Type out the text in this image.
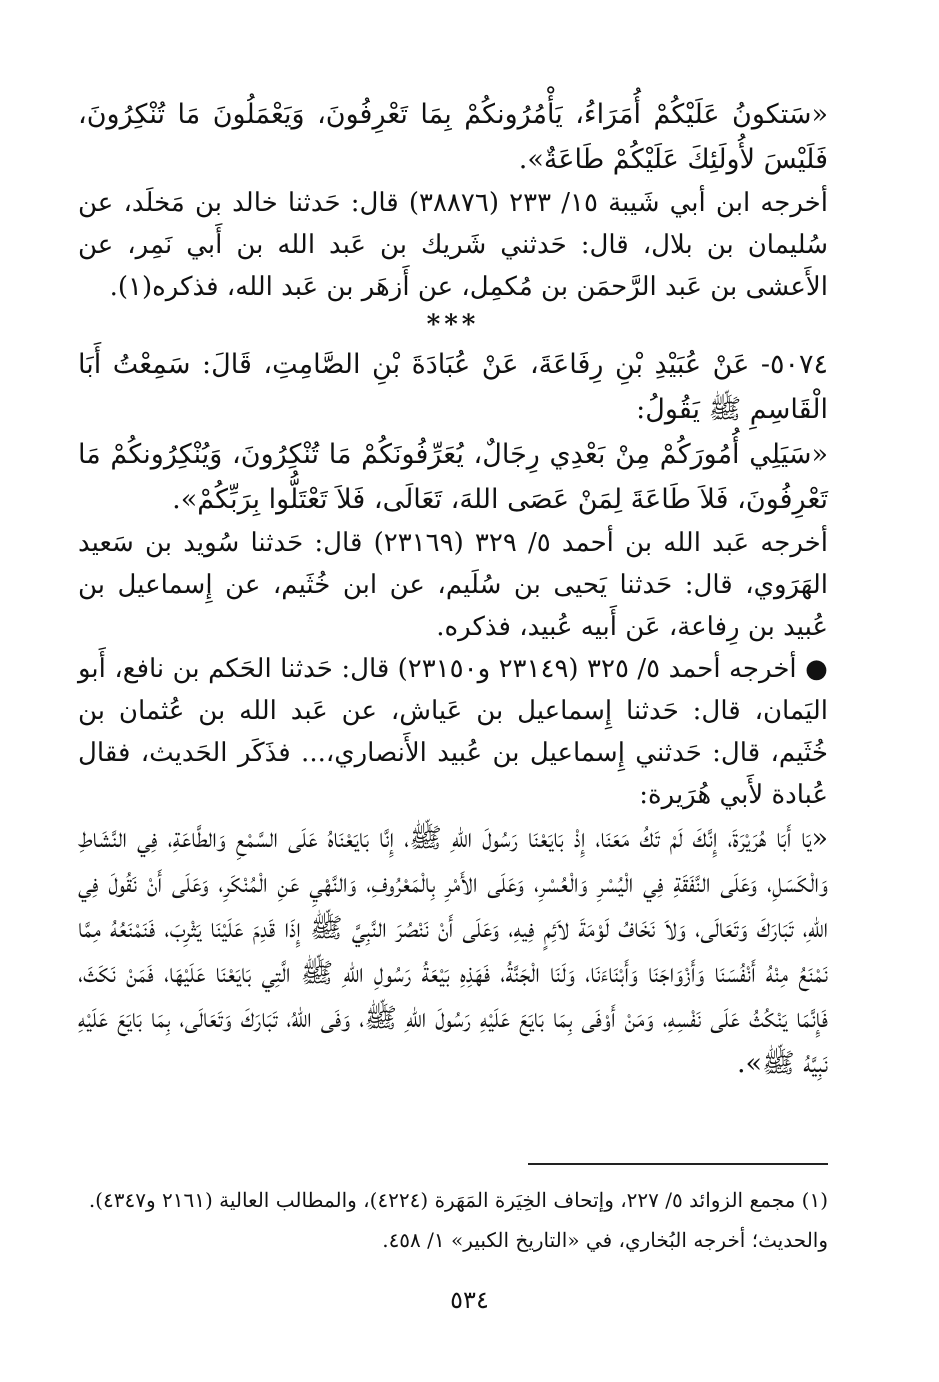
«سَتكونُ عَلَيْكُمْ أُمَرَاءُ، يَأْمُرُونكُمْ بِمَا تَعْرِفُونَ، وَيَعْمَلُونَ مَا تُنْكِرُونَ، فَلَيْسَ لأُولَئِكَ عَلَيْكُمْ طَاعَةٌ».

أخرجه ابن أبي شَيبة ١٥/ ٢٣٣ (٣٨٨٧٦) قال: حَدثنا خالد بن مَخلَد، عن سُليمان بن بلال، قال: حَدثني شَريك بن عَبد الله بن أَبي نَمِر، عن الأَعشى بن عَبد الرَّحمَن بن مُكمِل، عن أَزهَر بن عَبد الله، فذكره(١).

***

٥٠٧٤- عَنْ عُبَيْدِ بْنِ رِفَاعَةَ، عَنْ عُبَادَةَ بْنِ الصَّامِتِ، قَالَ: سَمِعْتُ أَبَا الْقَاسِمِ ﷺ يَقُولُ:

«سَيَلِي أُمُورَكُمْ مِنْ بَعْدِي رِجَالٌ، يُعَرِّفُونَكُمْ مَا تُنْكِرُونَ، وَيُنْكِرُونكُمْ مَا تَعْرِفُونَ، فَلاَ طَاعَةَ لِمَنْ عَصَى اللهَ، تَعَالَى، فَلاَ تَعْتَلُّوا بِرَبِّكُمْ».

أخرجه عَبد الله بن أحمد ٥/ ٣٢٩ (٢٣١٦٩) قال: حَدثنا سُويد بن سَعيد الهَرَوي، قال: حَدثنا يَحيى بن سُلَيم، عن ابن خُثَيم، عن إِسماعيل بن عُبيد بن رِفاعة، عَن أَبيه عُبيد، فذكره.

● أخرجه أحمد ٥/ ٣٢٥ (٢٣١٤٩ و٢٣١٥٠) قال: حَدثنا الحَكم بن نافع، أَبو اليَمان، قال: حَدثنا إِسماعيل بن عَياش، عن عَبد الله بن عُثمان بن خُثَيم، قال: حَدثني إِسماعيل بن عُبيد الأَنصاري،... فذَكَر الحَديث، فقال عُبادة لأَبي هُرَيرة:

«يَا أَبَا هُرَيْرَةَ، إِنَّكَ لَمْ تَكُ مَعَنَا، إِذْ بَايَعْنَا رَسُولَ اللهِ ﷺ، إِنَّا بَايَعْنَاهُ عَلَى السَّمْعِ وَالطَّاعَةِ، فِي النَّشَاطِ وَالْكَسَلِ، وَعَلَى النَّفَقَةِ فِي الْيُسْرِ وَالْعُسْرِ، وَعَلَى الأَمْرِ بِالْمَعْرُوفِ، وَالنَّهْيِ عَنِ الْمُنْكَرِ، وَعَلَى أَنْ نَقُولَ فِي اللهِ، تَبَارَكَ وَتَعَالَى، وَلاَ نَخَافُ لَوْمَةَ لاَئِمٍ فِيهِ، وَعَلَى أَنْ نَنْصُرَ النَّبِيَّ ﷺ إِذَا قَدِمَ عَلَيْنَا يَثْرِبَ، فَنَمْنَعُهُ مِمَّا نَمْنَعُ مِنْهُ أَنْفُسَنَا وَأَزْوَاجَنَا وَأَبْنَاءَنَا، وَلَنَا الْجَنَّةُ، فَهَذِهِ بَيْعَةُ رَسُولِ اللهِ ﷺ الَّتِي بَايَعْنَا عَلَيْهَا، فَمَنْ نَكَثَ، فَإِنَّمَا يَنْكُثُ عَلَى نَفْسِهِ، وَمَنْ أَوْفَى بِمَا بَايَعَ عَلَيْهِ رَسُولَ اللهِ ﷺ، وَفَى اللهُ، تَبَارَكَ وَتَعَالَى، بِمَا بَايَعَ عَلَيْهِ نَبِيَّهُ ﷺ».

(١) مجمع الزوائد ٥/ ٢٢٧، وإتحاف الخِيَرة المَهَرة (٤٢٢٤)، والمطالب العالية (٢١٦١ و٤٣٤٧).

والحديث؛ أخرجه البُخاري، في «التاريخ الكبير» ١/ ٤٥٨.

٥٣٤
